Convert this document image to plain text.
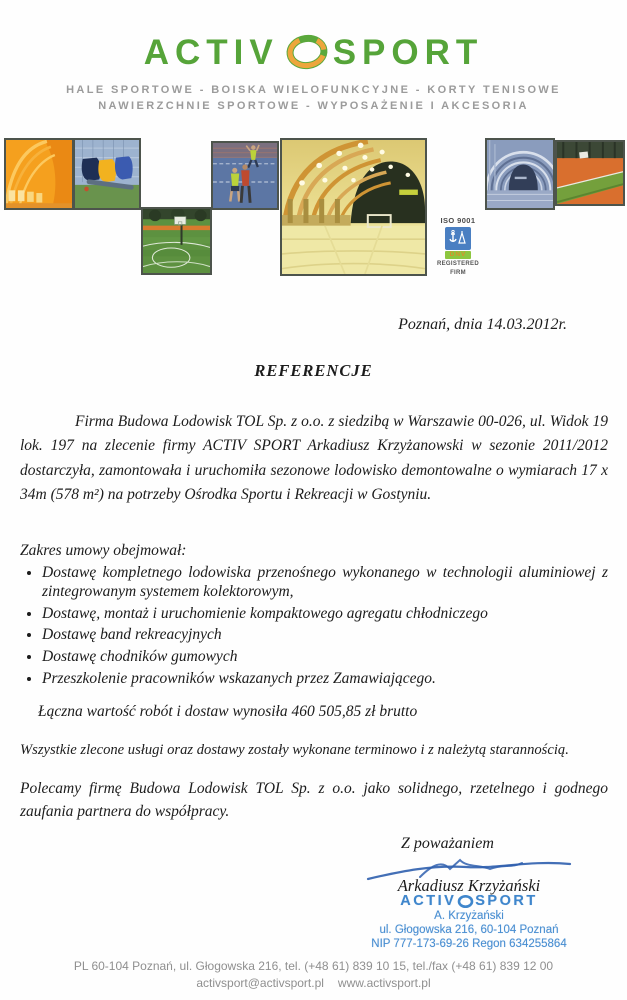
ACTIV SPORT
HALE SPORTOWE - BOISKA WIELOFUNKCYJNE - KORTY TENISOWE
NAWIERZCHNIE SPORTOWE - WYPOSAŻENIE I AKCESORIA
ISO 9001
DNV
REGISTERED
FIRM
Poznań, dnia 14.03.2012r.
REFERENCJE

Firma Budowa Lodowisk TOL Sp. z o.o. z siedzibą w Warszawie 00-026, ul. Widok 19 lok. 197 na zlecenie firmy ACTIV SPORT Arkadiusz Krzyżanowski w sezonie 2011/2012 dostarczyła, zamontowała i uruchomiła sezonowe lodowisko demontowalne o wymiarach 17 x 34m (578 m²) na potrzeby Ośrodka Sportu i Rekreacji w Gostyniu.

Zakres umowy obejmował:
• Dostawę kompletnego lodowiska przenośnego wykonanego w technologii aluminiowej z zintegrowanym systemem kolektorowym,
• Dostawę, montaż i uruchomienie kompaktowego agregatu chłodniczego
• Dostawę band rekreacyjnych
• Dostawę chodników gumowych
• Przeszkolenie pracowników wskazanych przez Zamawiającego.
Łączna wartość robót i dostaw wynosiła 460 505,85 zł brutto
Wszystkie zlecone usługi oraz dostawy zostały wykonane terminowo i z należytą starannością.

Polecamy firmę Budowa Lodowisk TOL Sp. z o.o. jako solidnego, rzetelnego i godnego zaufania partnera do współpracy.

Z poważaniem
Arkadiusz Krzyżański
ACTIV SPORT
A. Krzyżański
ul. Głogowska 216, 60-104 Poznań
NIP 777-173-69-26 Regon 634255864
PL 60-104 Poznań, ul. Głogowska 216, tel. (+48 61) 839 10 15, tel./fax (+48 61) 839 12 00
activsport@activsport.pl www.activsport.pl
